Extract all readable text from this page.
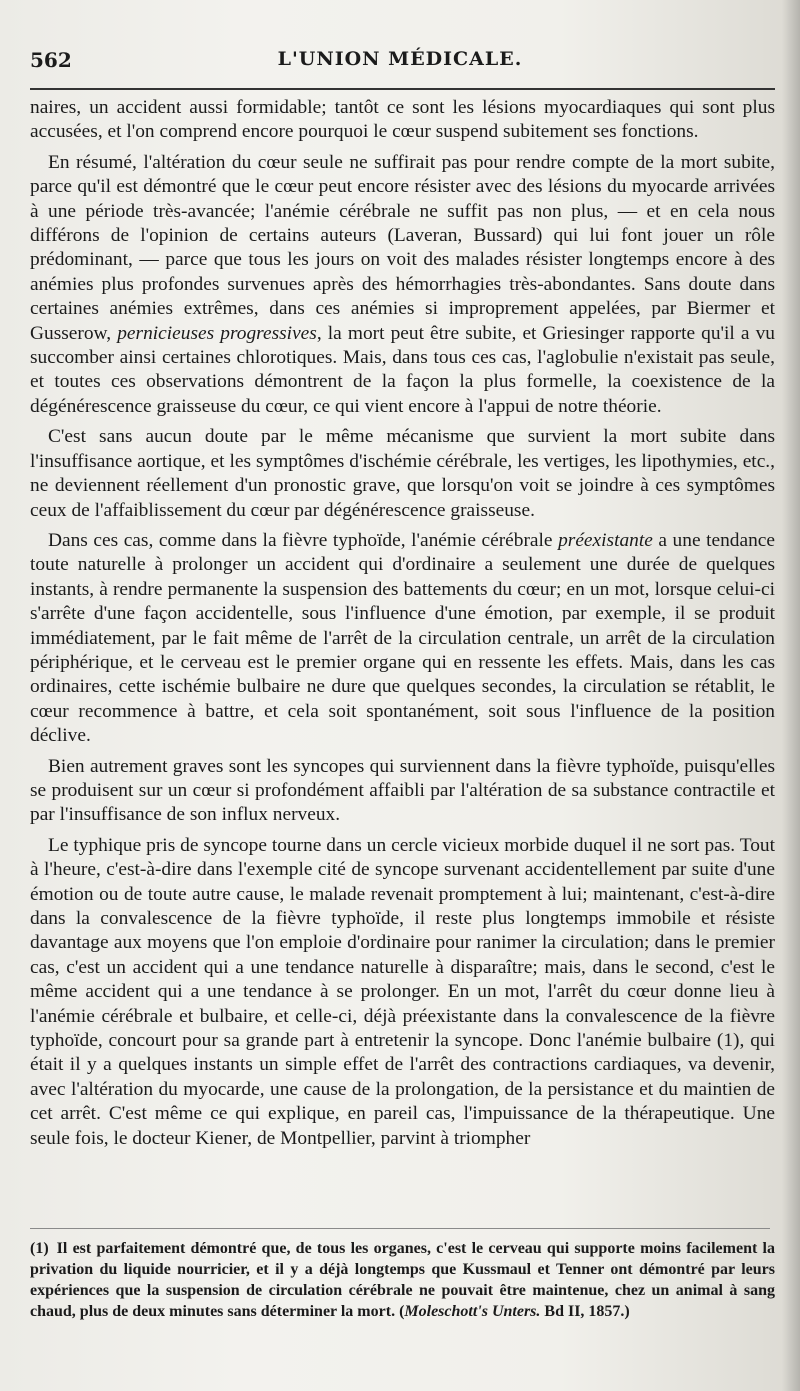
562	L'UNION MÉDICALE.

naires, un accident aussi formidable; tantôt ce sont les lésions myocardiaques qui sont plus accusées, et l'on comprend encore pourquoi le cœur suspend subitement ses fonctions.

En résumé, l'altération du cœur seule ne suffirait pas pour rendre compte de la mort subite, parce qu'il est démontré que le cœur peut encore résister avec des lésions du myocarde arrivées à une période très-avancée; l'anémie cérébrale ne suffit pas non plus, — et en cela nous différons de l'opinion de certains auteurs (Laveran, Bussard) qui lui font jouer un rôle prédominant, — parce que tous les jours on voit des malades résister longtemps encore à des anémies plus profondes survenues après des hémorrhagies très-abondantes. Sans doute dans certaines anémies extrêmes, dans ces anémies si improprement appelées, par Biermer et Gusserow, pernicieuses progressives, la mort peut être subite, et Griesinger rapporte qu'il a vu succomber ainsi certaines chlorotiques. Mais, dans tous ces cas, l'aglobulie n'existait pas seule, et toutes ces observations démontrent de la façon la plus formelle, la coexistence de la dégénérescence graisseuse du cœur, ce qui vient encore à l'appui de notre théorie.

C'est sans aucun doute par le même mécanisme que survient la mort subite dans l'insuffisance aortique, et les symptômes d'ischémie cérébrale, les vertiges, les lipothymies, etc., ne deviennent réellement d'un pronostic grave, que lorsqu'on voit se joindre à ces symptômes ceux de l'affaiblissement du cœur par dégénérescence graisseuse.

Dans ces cas, comme dans la fièvre typhoïde, l'anémie cérébrale préexistante a une tendance toute naturelle à prolonger un accident qui d'ordinaire a seulement une durée de quelques instants, à rendre permanente la suspension des battements du cœur; en un mot, lorsque celui-ci s'arrête d'une façon accidentelle, sous l'influence d'une émotion, par exemple, il se produit immédiatement, par le fait même de l'arrêt de la circulation centrale, un arrêt de la circulation périphérique, et le cerveau est le premier organe qui en ressente les effets. Mais, dans les cas ordinaires, cette ischémie bulbaire ne dure que quelques secondes, la circulation se rétablit, le cœur recommence à battre, et cela soit spontanément, soit sous l'influence de la position déclive.

Bien autrement graves sont les syncopes qui surviennent dans la fièvre typhoïde, puisqu'elles se produisent sur un cœur si profondément affaibli par l'altération de sa substance contractile et par l'insuffisance de son influx nerveux.

Le typhique pris de syncope tourne dans un cercle vicieux morbide duquel il ne sort pas. Tout à l'heure, c'est-à-dire dans l'exemple cité de syncope survenant accidentellement par suite d'une émotion ou de toute autre cause, le malade revenait promptement à lui; maintenant, c'est-à-dire dans la convalescence de la fièvre typhoïde, il reste plus longtemps immobile et résiste davantage aux moyens que l'on emploie d'ordinaire pour ranimer la circulation; dans le premier cas, c'est un accident qui a une tendance naturelle à disparaître; mais, dans le second, c'est le même accident qui a une tendance à se prolonger. En un mot, l'arrêt du cœur donne lieu à l'anémie cérébrale et bulbaire, et celle-ci, déjà préexistante dans la convalescence de la fièvre typhoïde, concourt pour sa grande part à entretenir la syncope. Donc l'anémie bulbaire (1), qui était il y a quelques instants un simple effet de l'arrêt des contractions cardiaques, va devenir, avec l'altération du myocarde, une cause de la prolongation, de la persistance et du maintien de cet arrêt. C'est même ce qui explique, en pareil cas, l'impuissance de la thérapeutique. Une seule fois, le docteur Kiener, de Montpellier, parvint à triompher

(1) Il est parfaitement démontré que, de tous les organes, c'est le cerveau qui supporte moins facilement la privation du liquide nourricier, et il y a déjà longtemps que Kussmaul et Tenner ont démontré par leurs expériences que la suspension de circulation cérébrale ne pouvait être maintenue, chez un animal à sang chaud, plus de deux minutes sans déterminer la mort. (Moleschott's Unters. Bd II, 1857.)
